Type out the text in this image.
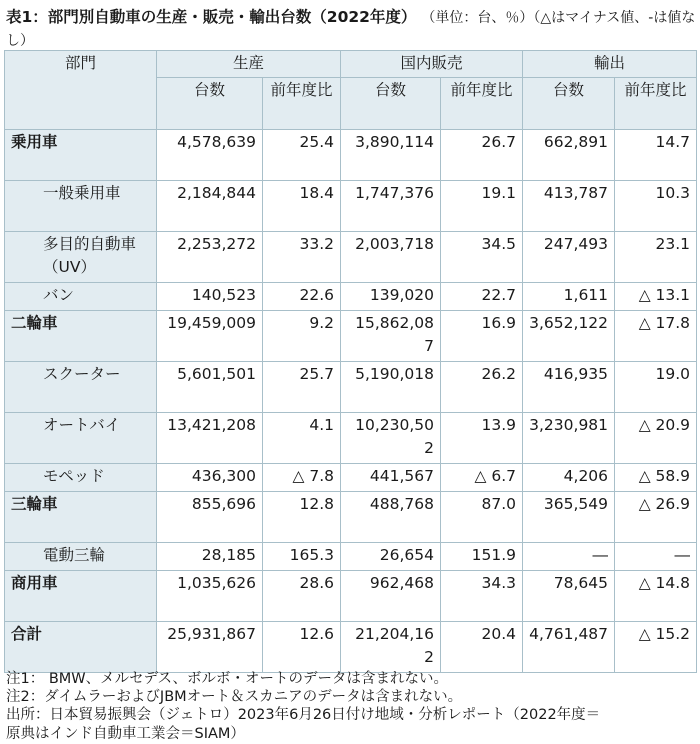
表1：部門別自動車の生産・販売・輸出台数（2022年度） （単位：台、％）（△はマイナス値、-は値なし）
部門	生産		国内販売		輸出	
	台数	前年度比	台数	前年度比	台数	前年度比
乗用車	4,578,639	25.4	3,890,114	26.7	662,891	14.7
一般乗用車	2,184,844	18.4	1,747,376	19.1	413,787	10.3
多目的自動車（UV）	2,253,272	33.2	2,003,718	34.5	247,493	23.1
バン	140,523	22.6	139,020	22.7	1,611	△ 13.1
二輪車	19,459,009	9.2	15,862,087	16.9	3,652,122	△ 17.8
スクーター	5,601,501	25.7	5,190,018	26.2	416,935	19.0
オートバイ	13,421,208	4.1	10,230,502	13.9	3,230,981	△ 20.9
モペッド	436,300	△ 7.8	441,567	△ 6.7	4,206	△ 58.9
三輪車	855,696	12.8	488,768	87.0	365,549	△ 26.9
電動三輪	28,185	165.3	26,654	151.9	―	―
商用車	1,035,626	28.6	962,468	34.3	78,645	△ 14.8
合計	25,931,867	12.6	21,204,162	20.4	4,761,487	△ 15.2
注1： BMW、メルセデス、ボルボ・オートのデータは含まれない。
注2：ダイムラーおよびJBMオート＆スカニアのデータは含まれない。
出所：日本貿易振興会（ジェトロ）2023年6月26日付け地域・分析レポート（2022年度＝
原典はインド自動車工業会＝SIAM）
